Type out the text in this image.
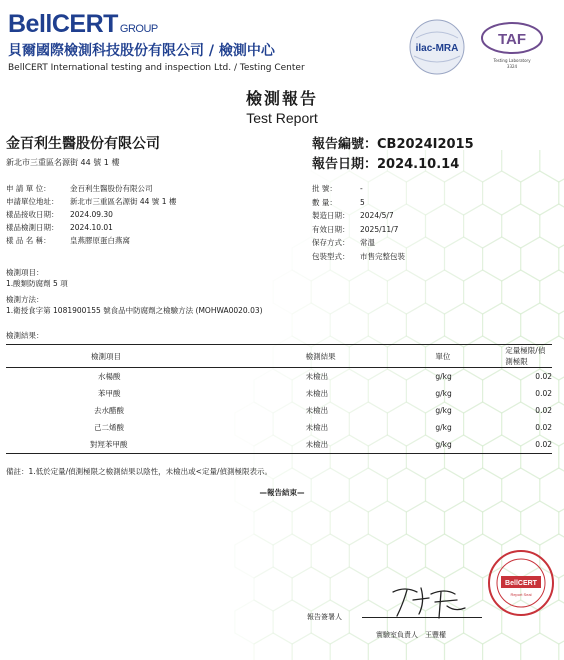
BellCERT GROUP
貝爾國際檢測科技股份有限公司 / 檢測中心
BellCERT International testing and inspection Ltd. / Testing Center
ilac-MRA
TAF
Testing Laboratory
3324
檢測報告
Test Report
金百利生醫股份有限公司
新北市三重區名源街 44 號 1 樓
報告編號：CB2024I2015
報告日期：2024.10.14
申 請 單 位：	金百利生醫股份有限公司
申請單位地址： 新北市三重區名源街 44 號 1 樓
樣品接收日期： 2024.09.30
樣品檢測日期： 2024.10.01
樣 品 名 稱：	皇燕膠原蛋白燕窩
批 號：	-
數 量：	5
製造日期： 2024/5/7
有效日期： 2025/11/7
保存方式： 常溫
包裝型式： 市售完整包裝
檢測項目：
1.酸類防腐劑 5 項
檢測方法：
1.衛授食字第 1081900155 號食品中防腐劑之檢驗方法 (MOHWA0020.03)
檢測結果：
檢測項目	檢測結果	單位	定量極限/偵測極限
水楊酸	未檢出	g/kg	0.02
苯甲酸	未檢出	g/kg	0.02
去水醋酸	未檢出	g/kg	0.02
己二烯酸	未檢出	g/kg	0.02
對羥苯甲酸	未檢出	g/kg	0.02
備註：1.低於定量/偵測極限之檢測結果以陰性，未檢出或<定量/偵測極限表示。
—報告結束—
報告簽署人
實驗室負責人　王豐權
BellCERT
Report Seal
